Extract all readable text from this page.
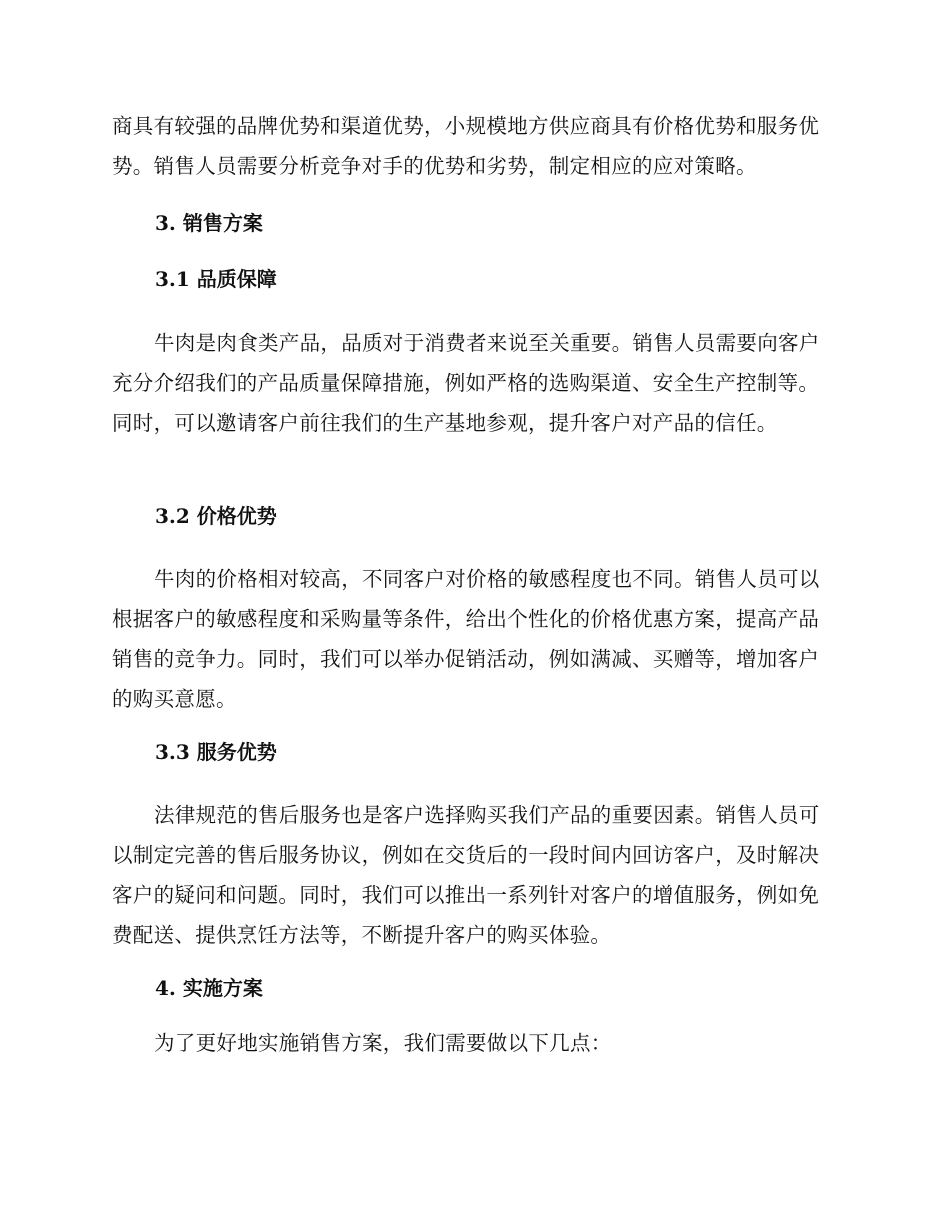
商具有较强的品牌优势和渠道优势，小规模地方供应商具有价格优势和服务优势。销售人员需要分析竞争对手的优势和劣势，制定相应的应对策略。

3. 销售方案
3.1 品质保障

牛肉是肉食类产品，品质对于消费者来说至关重要。销售人员需要向客户充分介绍我们的产品质量保障措施，例如严格的选购渠道、安全生产控制等。同时，可以邀请客户前往我们的生产基地参观，提升客户对产品的信任。

3.2 价格优势

牛肉的价格相对较高，不同客户对价格的敏感程度也不同。销售人员可以根据客户的敏感程度和采购量等条件，给出个性化的价格优惠方案，提高产品销售的竞争力。同时，我们可以举办促销活动，例如满减、买赠等，增加客户的购买意愿。

3.3 服务优势

法律规范的售后服务也是客户选择购买我们产品的重要因素。销售人员可以制定完善的售后服务协议，例如在交货后的一段时间内回访客户，及时解决客户的疑问和问题。同时，我们可以推出一系列针对客户的增值服务，例如免费配送、提供烹饪方法等，不断提升客户的购买体验。

4. 实施方案

为了更好地实施销售方案，我们需要做以下几点：
